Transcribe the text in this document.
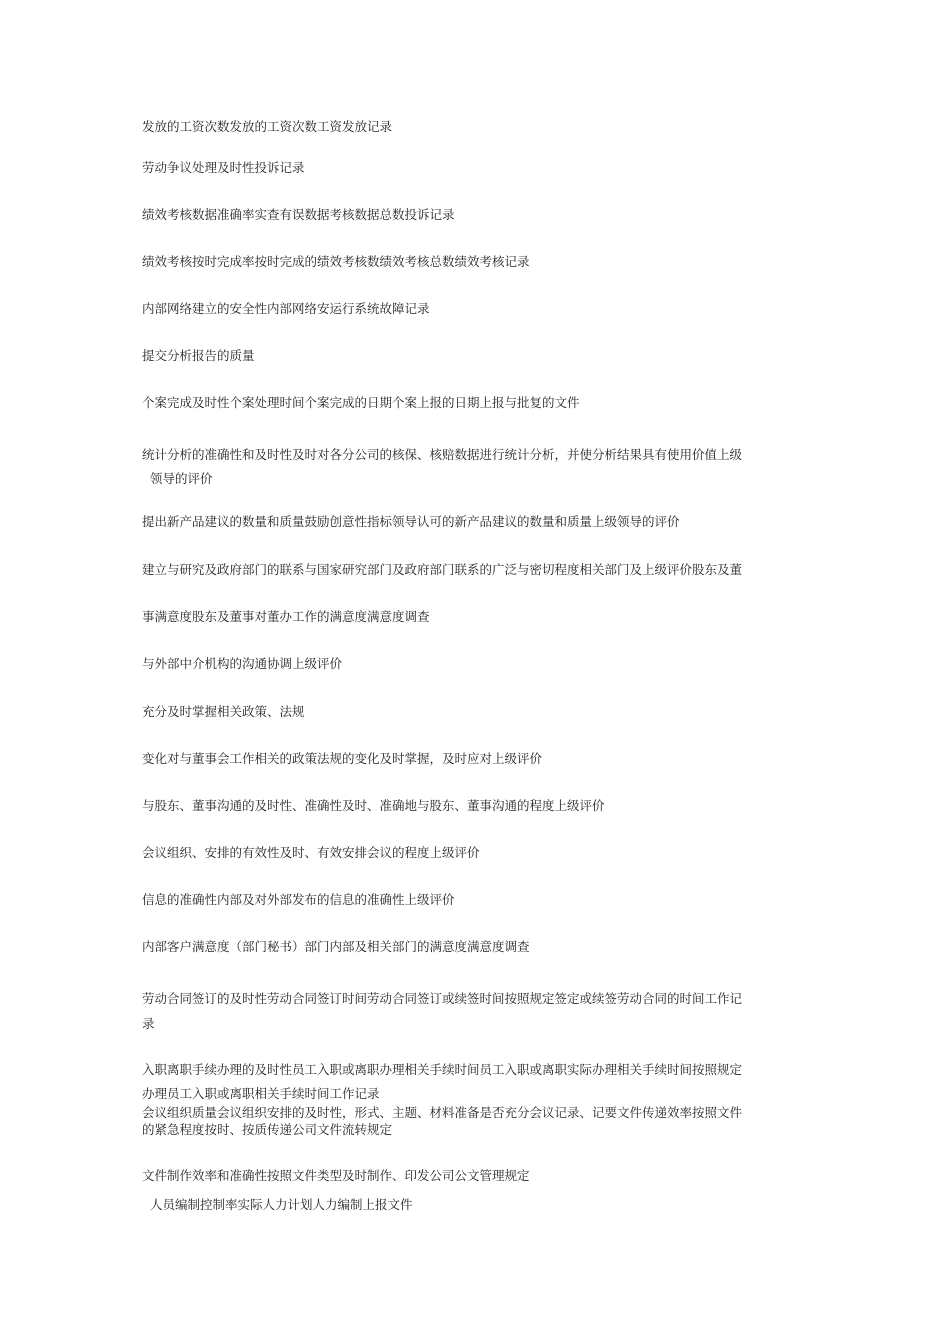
发放的工资次数发放的工资次数工资发放记录
劳动争议处理及时性投诉记录
绩效考核数据准确率实查有误数据考核数据总数投诉记录
绩效考核按时完成率按时完成的绩效考核数绩效考核总数绩效考核记录
内部网络建立的安全性内部网络安运行系统故障记录
提交分析报告的质量
个案完成及时性个案处理时间个案完成的日期个案上报的日期上报与批复的文件
统计分析的准确性和及时性及时对各分公司的核保、核赔数据进行统计分析，并使分析结果具有使用价值上级
领导的评价
提出新产品建议的数量和质量鼓励创意性指标领导认可的新产品建议的数量和质量上级领导的评价
建立与研究及政府部门的联系与国家研究部门及政府部门联系的广泛与密切程度相关部门及上级评价股东及董
事满意度股东及董事对董办工作的满意度满意度调查
与外部中介机构的沟通协调上级评价
充分及时掌握相关政策、法规
变化对与董事会工作相关的政策法规的变化及时掌握，及时应对上级评价
与股东、董事沟通的及时性、准确性及时、准确地与股东、董事沟通的程度上级评价
会议组织、安排的有效性及时、有效安排会议的程度上级评价
信息的准确性内部及对外部发布的信息的准确性上级评价
内部客户满意度（部门秘书）部门内部及相关部门的满意度满意度调查
劳动合同签订的及时性劳动合同签订时间劳动合同签订或续签时间按照规定签定或续签劳动合同的时间工作记
录
入职离职手续办理的及时性员工入职或离职办理相关手续时间员工入职或离职实际办理相关手续时间按照规定
办理员工入职或离职相关手续时间工作记录
会议组织质量会议组织安排的及时性，形式、主题、材料准备是否充分会议记录、记要文件传递效率按照文件
的紧急程度按时、按质传递公司文件流转规定
文件制作效率和准确性按照文件类型及时制作、印发公司公文管理规定
人员编制控制率实际人力计划人力编制上报文件
